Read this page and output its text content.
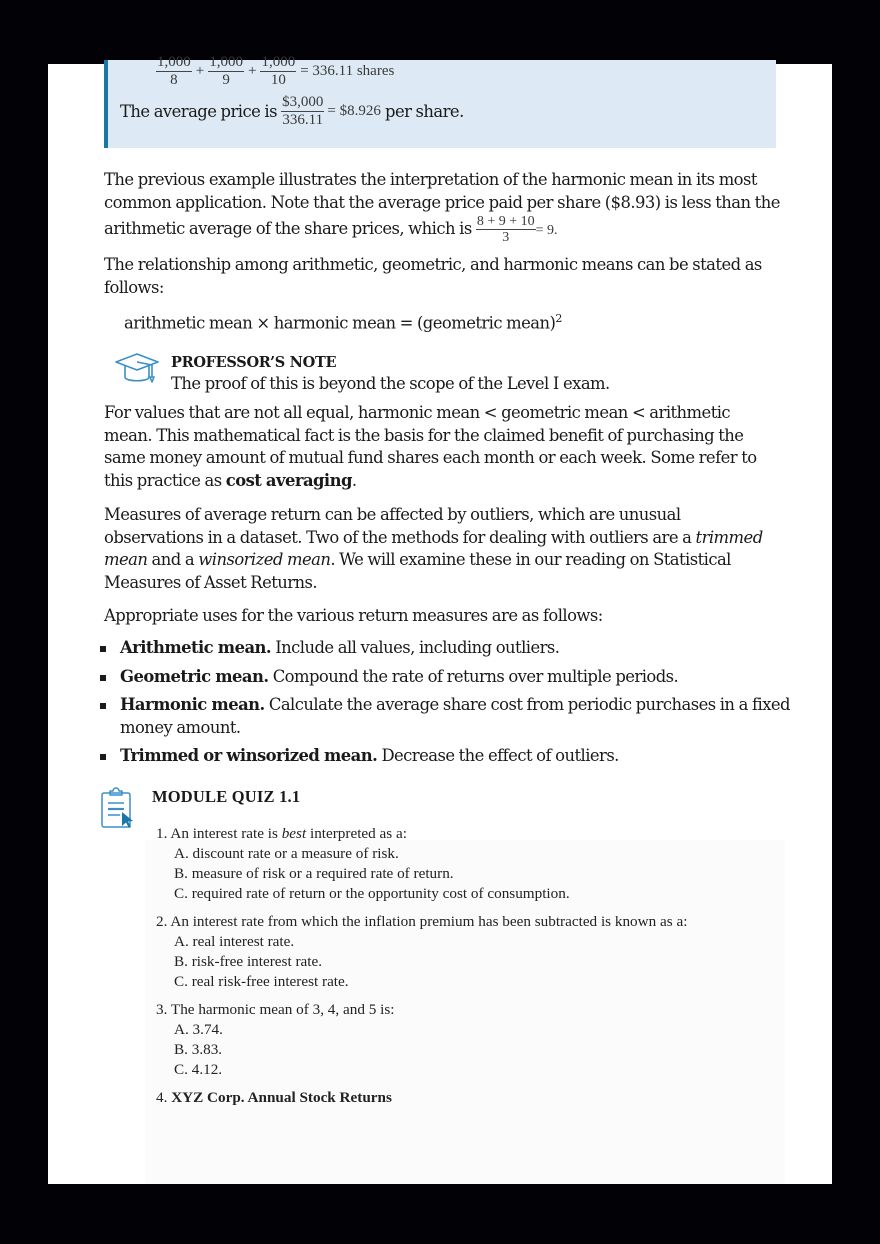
$\frac{1,000}{8} + \frac{1,000}{9} + \frac{1,000}{10} = 336.11$ shares
The average price is $\frac{\$3,000}{336.11}$ = $8.926 per share.

The previous example illustrates the interpretation of the harmonic mean in its most common application. Note that the average price paid per share ($8.93) is less than the arithmetic average of the share prices, which is $\frac{8 + 9 + 10}{3} = 9$.

The relationship among arithmetic, geometric, and harmonic means can be stated as follows:

arithmetic mean × harmonic mean = (geometric mean)$^2$
PROFESSOR’S NOTE
The proof of this is beyond the scope of the Level I exam.

For values that are not all equal, harmonic mean < geometric mean < arithmetic mean. This mathematical fact is the basis for the claimed benefit of purchasing the same money amount of mutual fund shares each month or each week. Some refer to this practice as cost averaging.

Measures of average return can be affected by outliers, which are unusual observations in a dataset. Two of the methods for dealing with outliers are a trimmed mean and a winsorized mean. We will examine these in our reading on Statistical Measures of Asset Returns.

Appropriate uses for the various return measures are as follows:

Arithmetic mean. Include all values, including outliers.
Geometric mean. Compound the rate of returns over multiple periods.
Harmonic mean. Calculate the average share cost from periodic purchases in a fixed money amount.
Trimmed or winsorized mean. Decrease the effect of outliers.
MODULE QUIZ 1.1
1. An interest rate is best interpreted as a:
A. discount rate or a measure of risk.
B. measure of risk or a required rate of return.
C. required rate of return or the opportunity cost of consumption.
2. An interest rate from which the inflation premium has been subtracted is known as a:
A. real interest rate.
B. risk-free interest rate.
C. real risk-free interest rate.
3. The harmonic mean of 3, 4, and 5 is:
A. 3.74.
B. 3.83.
C. 4.12.
4. XYZ Corp. Annual Stock Returns
